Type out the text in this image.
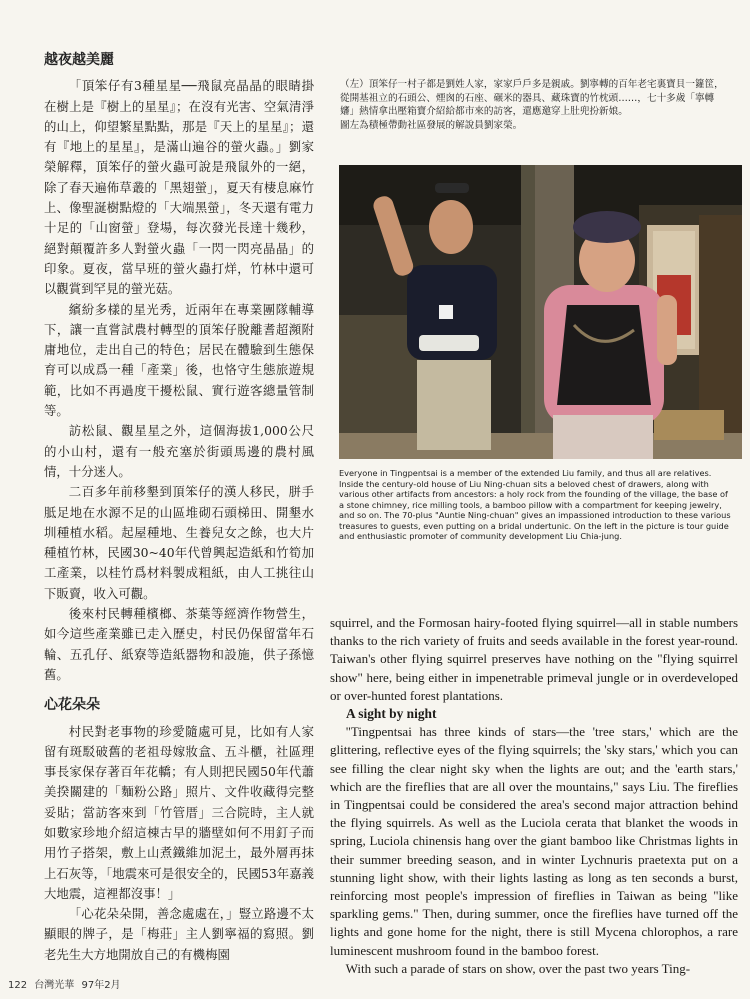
越夜越美麗

「頂笨仔有3種星星──飛鼠亮晶晶的眼睛掛在樹上是『樹上的星星』；在沒有光害、空氣清淨的山上，仰望繁星點點，那是『天上的星星』；還有『地上的星星』，是滿山遍谷的螢火蟲。」劉家榮解釋，頂笨仔的螢火蟲可說是飛鼠外的一絕，除了春天遍佈草叢的「黑翅螢」，夏天有棲息麻竹上、像聖誕樹點燈的「大端黑螢」，冬天還有電力十足的「山窗螢」登場，每次發光長達十幾秒，絕對顛覆許多人對螢火蟲「一閃一閃亮晶晶」的印象。夏夜，當早班的螢火蟲打烊，竹林中還可以觀賞到罕見的螢光菇。

繽紛多樣的星光秀，近兩年在專業團隊輔導下，讓一直嘗試農村轉型的頂笨仔脫離耆超瀕附庸地位，走出自己的特色；居民在體驗到生態保育可以成爲一種「產業」後，也恪守生態旅遊規範，比如不再過度干擾松鼠、實行遊客總量管制等。

訪松鼠、觀星星之外，這個海拔1,000公尺的小山村，還有一般充塞於街頭馬邊的農村風情，十分迷人。

二百多年前移墾到頂笨仔的漢人移民，胼手胝足地在水源不足的山區堆砌石頭梯田、開墾水圳種植水稻。起屋種地、生養兒女之餘，也大片種植竹林，民國30~40年代曾興起造紙和竹筍加工產業，以桂竹爲材料製成粗紙，由人工挑往山下販賣，收入可觀。

後來村民轉種檳榔、茶葉等經濟作物營生，如今這些產業雖已走入歷史，村民仍保留當年石輪、五孔仔、紙寮等造紙器物和設施，供子孫憶舊。

心花朵朵

村民對老事物的珍愛隨處可見，比如有人家留有斑駁破舊的老祖母嫁妝盒、五斗櫃，社區理事長家保存著百年花轎；有人則把民國50年代蕭美揆關建的「麵粉公路」照片、文件收藏得完整妥貼；當訪客來到「竹管厝」三合院時，主人就如數家珍地介紹這棟古早的牆壁如何不用釘子而用竹子搭架，敷上山煮鐵維加泥土，最外層再抹上石灰等，「地震來可是很安全的，民國53年嘉義大地震，這裡都沒事！」

「心花朵朵開，善念處處在，」豎立路邊不太顯眼的牌子，是「梅莊」主人劉寧福的寫照。劉老先生大方地開放自己的有機梅園

（左）頂笨仔一村子都是劉姓人家，家家戶戶多是親戚。劉寧轉的百年老宅裏寶貝一籮筐，從開基祖立的石頭公、煙囪的石座、碾米的器具、藏珠寶的竹枕頭……，七十多歲「寧轉嬸」熱情拿出壓箱寶介紹給都市來的訪客，還應邀穿上肚兜扮新娘。

圖左為積極帶動社區發展的解說員劉家榮。

Everyone in Tingpentsai is a member of the extended Liu family, and thus all are relatives. Inside the century-old house of Liu Ning-chuan sits a beloved chest of drawers, along with various other artifacts from ancestors: a holy rock from the founding of the village, the base of a stone chimney, rice milling tools, a bamboo pillow with a compartment for keeping jewelry, and so on. The 70-plus "Auntie Ning-chuan" gives an impassioned introduction to these various treasures to guests, even putting on a bridal undertunic. On the left in the picture is tour guide and enthusiastic promoter of community development Liu Chia-jung.

squirrel, and the Formosan hairy-footed flying squirrel—all in stable numbers thanks to the rich variety of fruits and seeds available in the forest year-round. Taiwan's other flying squirrel preserves have nothing on the "flying squirrel show" here, being either in impenetrable primeval jungle or in overdeveloped or over-hunted forest plantations.

A sight by night

"Tingpentsai has three kinds of stars—the 'tree stars,' which are the glittering, reflective eyes of the flying squirrels; the 'sky stars,' which you can see filling the clear night sky when the lights are out; and the 'earth stars,' which are the fireflies that are all over the mountains," says Liu. The fireflies in Tingpentsai could be considered the area's second major attraction behind the flying squirrels. As well as the Luciola cerata that blanket the woods in spring, Luciola chinensis hang over the giant bamboo like Christmas lights in their summer breeding season, and in winter Lychnuris praetexta put on a stunning light show, with their lights lasting as long as ten seconds a burst, reinforcing most people's impression of fireflies in Taiwan as being "like sparkling gems." Then, during summer, once the fireflies have turned off the lights and gone home for the night, there is still Mycena chlorophos, a rare luminescent mushroom found in the bamboo forest.

With such a parade of stars on show, over the past two years Ting-

122 台灣光華 97年2月
